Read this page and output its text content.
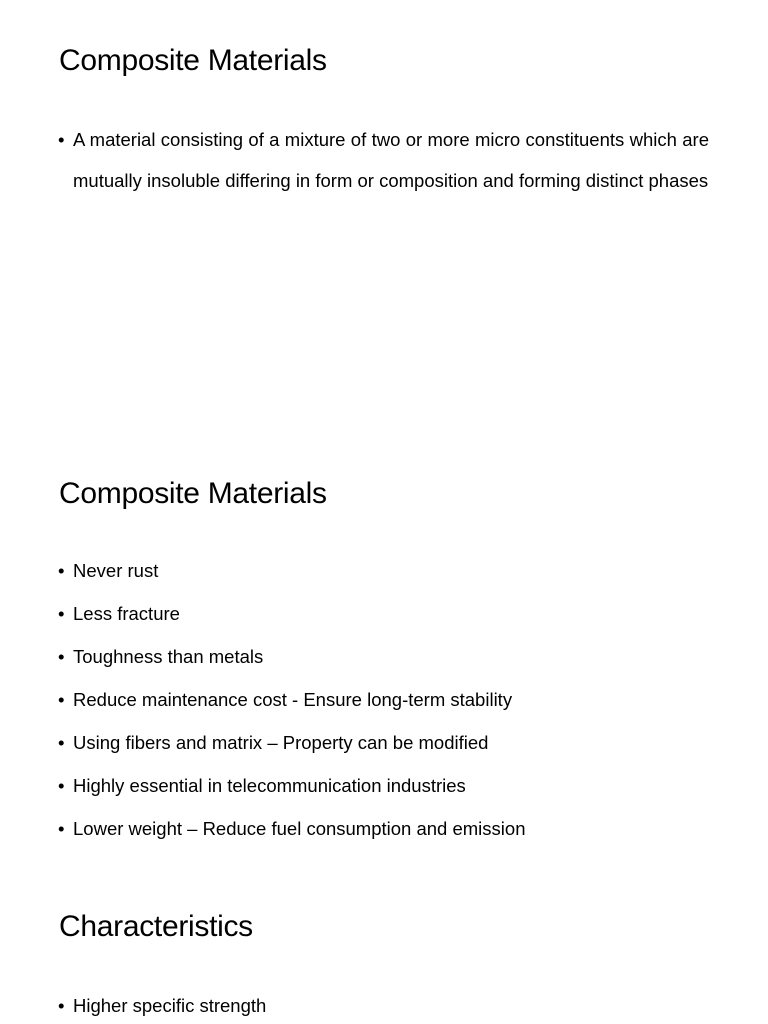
Composite Materials
• A material consisting of a mixture of two or more micro constituents which are mutually insoluble differing in form or composition and forming distinct phases
Composite Materials
• Never rust
• Less fracture
• Toughness than metals
• Reduce maintenance cost - Ensure long-term stability
• Using fibers and matrix – Property can be modified
• Highly essential in telecommunication industries
• Lower weight – Reduce fuel consumption and emission
Characteristics
• Higher specific strength
